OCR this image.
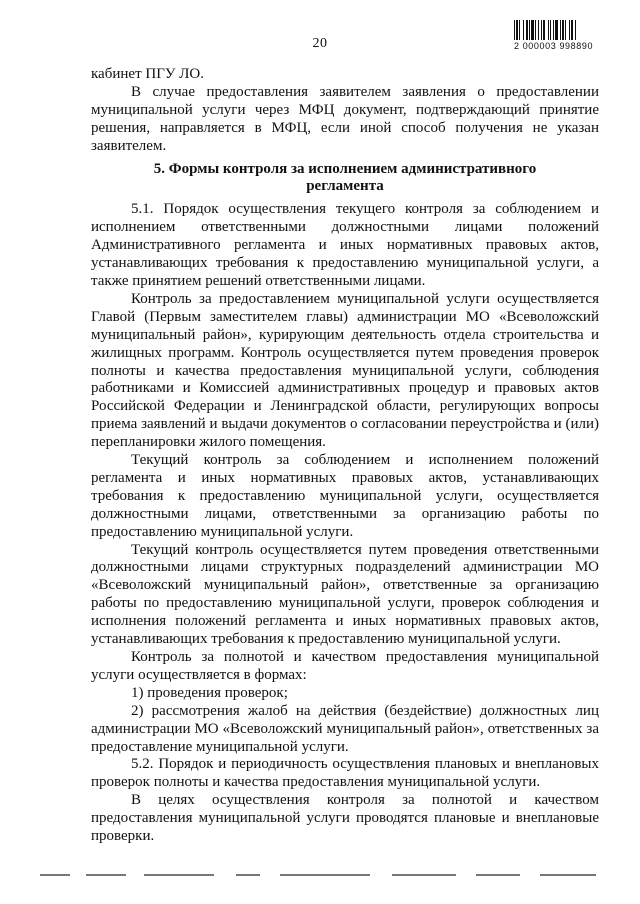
20	2 000003 998890

кабинет ПГУ ЛО.

В случае предоставления заявителем заявления о предоставлении муниципальной услуги через МФЦ документ, подтверждающий принятие решения, направляется в МФЦ, если иной способ получения не указан заявителем.

5. Формы контроля за исполнением административного
регламента

5.1. Порядок осуществления текущего контроля за соблюдением и исполнением ответственными должностными лицами положений Административного регламента и иных нормативных правовых актов, устанавливающих требования к предоставлению муниципальной услуги, а также принятием решений ответственными лицами.

Контроль за предоставлением муниципальной услуги осуществляется Главой (Первым заместителем главы) администрации МО «Всеволожский муниципальный район», курирующим деятельность отдела строительства и жилищных программ. Контроль осуществляется путем проведения проверок полноты и качества предоставления муниципальной услуги, соблюдения работниками и Комиссией административных процедур и правовых актов Российской Федерации и Ленинградской области, регулирующих вопросы приема заявлений и выдачи документов о согласовании переустройства и (или) перепланировки жилого помещения.

Текущий контроль за соблюдением и исполнением положений регламента и иных нормативных правовых актов, устанавливающих требования к предоставлению муниципальной услуги, осуществляется должностными лицами, ответственными за организацию работы по предоставлению муниципальной услуги.

Текущий контроль осуществляется путем проведения ответственными должностными лицами структурных подразделений администрации МО «Всеволожский муниципальный район», ответственные за организацию работы по предоставлению муниципальной услуги, проверок соблюдения и исполнения положений регламента и иных нормативных правовых актов, устанавливающих требования к предоставлению муниципальной услуги.

Контроль за полнотой и качеством предоставления муниципальной услуги осуществляется в формах:

1) проведения проверок;

2) рассмотрения жалоб на действия (бездействие) должностных лиц администрации МО «Всеволожский муниципальный район», ответственных за предоставление муниципальной услуги.

5.2. Порядок и периодичность осуществления плановых и внеплановых проверок полноты и качества предоставления муниципальной услуги.

В целях осуществления контроля за полнотой и качеством предоставления муниципальной услуги проводятся плановые и внеплановые проверки.
